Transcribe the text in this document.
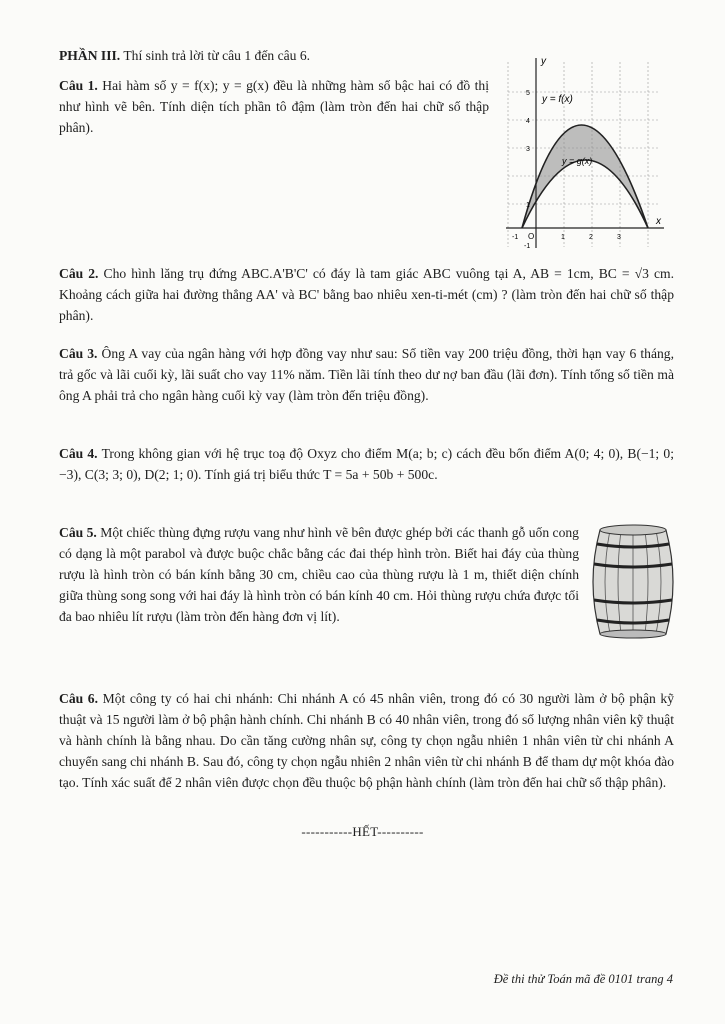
PHẦN III. Thí sinh trả lời từ câu 1 đến câu 6.
Câu 1. Hai hàm số y = f(x); y = g(x) đều là những hàm số bậc hai có đồ thị như hình vẽ bên. Tính diện tích phần tô đậm (làm tròn đến hai chữ số thập phân).
y
x
y = f(x)
y = g(x)
O
-1	1	2	3
5
4
3
1
-1
Câu 2. Cho hình lăng trụ đứng ABC.A'B'C' có đáy là tam giác ABC vuông tại A, AB = 1cm, BC = √3 cm. Khoảng cách giữa hai đường thẳng AA' và BC' bằng bao nhiêu xen-ti-mét (cm) ? (làm tròn đến hai chữ số thập phân).
Câu 3. Ông A vay của ngân hàng với hợp đồng vay như sau: Số tiền vay 200 triệu đồng, thời hạn vay 6 tháng, trả gốc và lãi cuối kỳ, lãi suất cho vay 11% năm. Tiền lãi tính theo dư nợ ban đầu (lãi đơn). Tính tổng số tiền mà ông A phải trả cho ngân hàng cuối kỳ vay (làm tròn đến triệu đồng).
Câu 4. Trong không gian với hệ trục toạ độ Oxyz cho điểm M(a; b; c) cách đều bốn điểm A(0; 4; 0), B(−1; 0; −3), C(3; 3; 0), D(2; 1; 0). Tính giá trị biểu thức T = 5a + 50b + 500c.
Câu 5. Một chiếc thùng đựng rượu vang như hình vẽ bên được ghép bởi các thanh gỗ uốn cong có dạng là một parabol và được buộc chắc bằng các đai thép hình tròn. Biết hai đáy của thùng rượu là hình tròn có bán kính bằng 30 cm, chiều cao của thùng rượu là 1 m, thiết diện chính giữa thùng song song với hai đáy là hình tròn có bán kính 40 cm. Hỏi thùng rượu chứa được tối đa bao nhiêu lít rượu (làm tròn đến hàng đơn vị lít).
Câu 6. Một công ty có hai chi nhánh: Chi nhánh A có 45 nhân viên, trong đó có 30 người làm ở bộ phận kỹ thuật và 15 người làm ở bộ phận hành chính. Chi nhánh B có 40 nhân viên, trong đó số lượng nhân viên kỹ thuật và hành chính là bằng nhau. Do cần tăng cường nhân sự, công ty chọn ngẫu nhiên 1 nhân viên từ chi nhánh A chuyển sang chi nhánh B. Sau đó, công ty chọn ngẫu nhiên 2 nhân viên từ chi nhánh B để tham dự một khóa đào tạo. Tính xác suất để 2 nhân viên được chọn đều thuộc bộ phận hành chính (làm tròn đến hai chữ số thập phân).
-----------HẾT----------
Đề thi thử Toán mã đề 0101 trang 4
